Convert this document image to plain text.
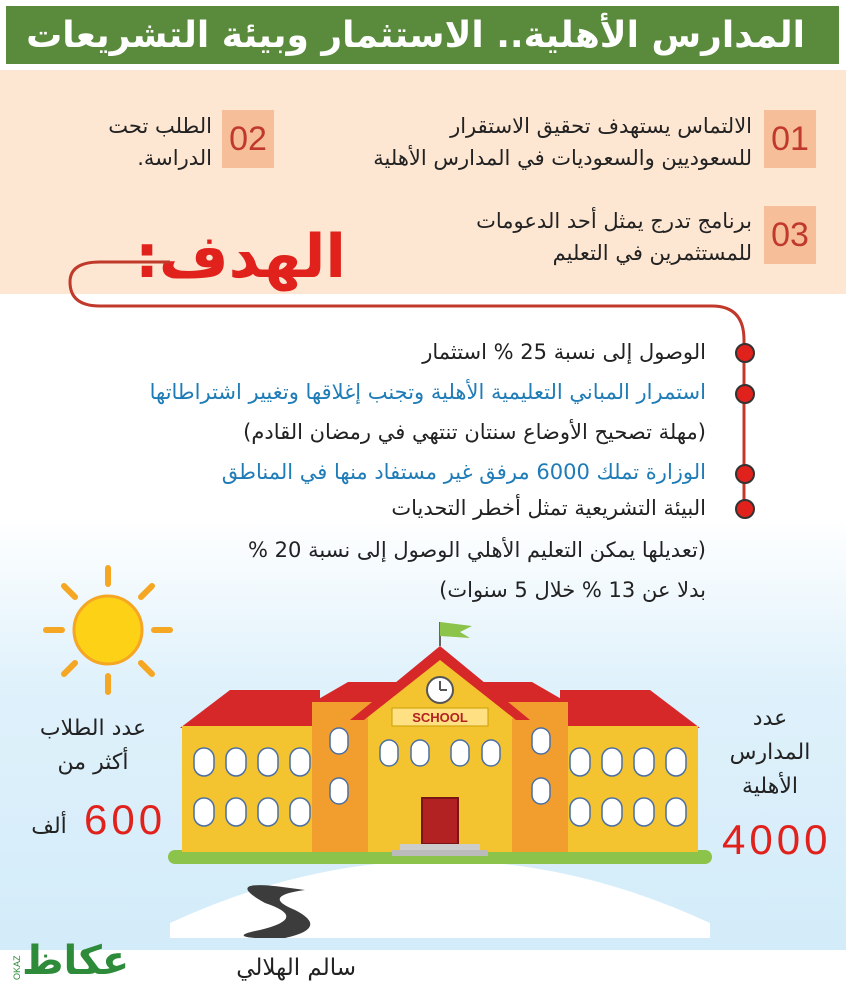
المدارس الأهلية.. الاستثمار وبيئة التشريعات
01
الالتماس يستهدف تحقيق الاستقرار
للسعوديين والسعوديات في المدارس الأهلية
02
الطلب تحت
الدراسة.
03
برنامج تدرج يمثل أحد الدعومات
للمستثمرين في التعليم
الهدف:
الوصول إلى نسبة 25 % استثمار
استمرار المباني التعليمية الأهلية وتجنب إغلاقها وتغيير اشتراطاتها
(مهلة تصحيح الأوضاع سنتان تنتهي في رمضان القادم)
الوزارة تملك 6000 مرفق غير مستفاد منها في المناطق
البيئة التشريعية تمثل أخطر التحديات
(تعديلها يمكن التعليم الأهلي الوصول إلى نسبة 20 %
بدلا عن 13 % خلال 5 سنوات)
SCHOOL
عدد الطلاب
أكثر من
600
ألف
عدد
المدارس
الأهلية
4000
سالم الهلالي
عكاظ
OKAZ
